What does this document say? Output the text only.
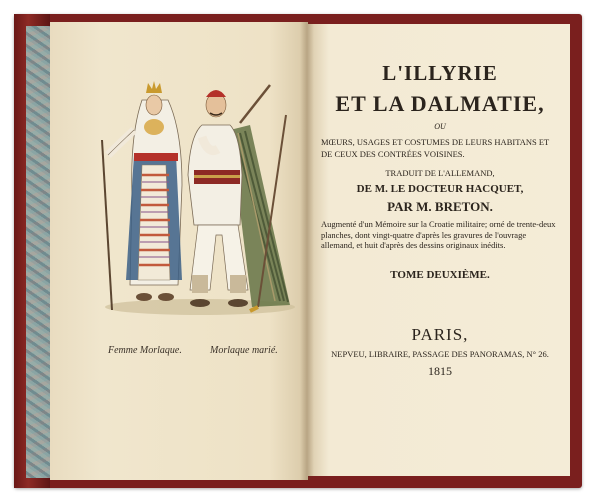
Femme Morlaque.	Morlaque marié.
L'ILLYRIE
ET LA DALMATIE,
OU
MŒURS, USAGES ET COSTUMES DE LEURS HABITANS ET DE CEUX DES CONTRÉES VOISINES.
TRADUIT DE L'ALLEMAND,
DE M. LE DOCTEUR HACQUET,
PAR M. BRETON.
Augmenté d'un Mémoire sur la Croatie militaire; orné de trente-deux planches, dont vingt-quatre d'après les gravures de l'ouvrage allemand, et huit d'après des dessins originaux inédits.
TOME DEUXIÈME.
PARIS,
NEPVEU, LIBRAIRE, PASSAGE DES PANORAMAS, N° 26.
1815
